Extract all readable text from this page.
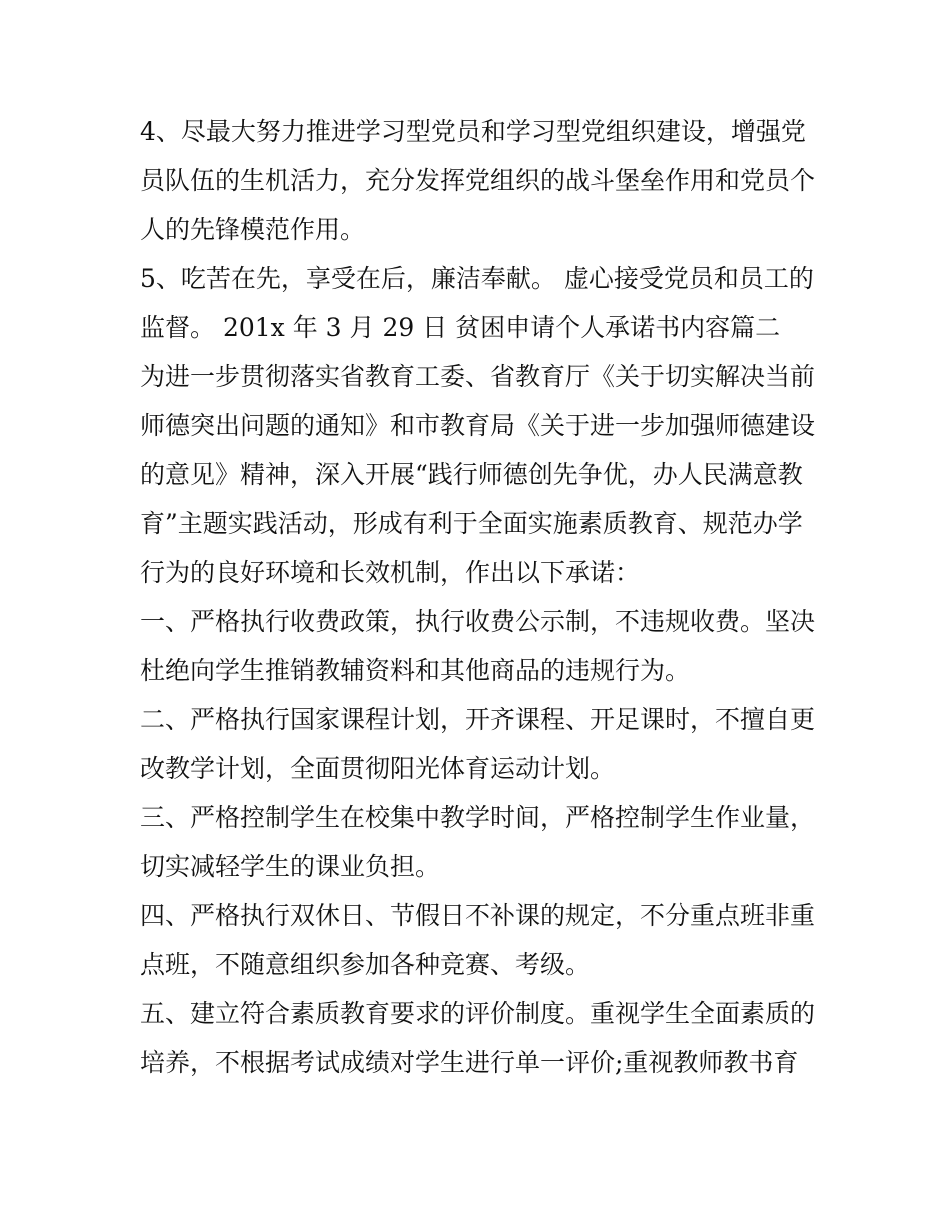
4、尽最大努力推进学习型党员和学习型党组织建设，增强党
员队伍的生机活力，充分发挥党组织的战斗堡垒作用和党员个
人的先锋模范作用。
5、吃苦在先，享受在后，廉洁奉献。 虚心接受党员和员工的
监督。 201x 年 3 月 29 日 贫困申请个人承诺书内容篇二
为进一步贯彻落实省教育工委、省教育厅《关于切实解决当前
师德突出问题的通知》和市教育局《关于进一步加强师德建设
的意见》精神，深入开展“践行师德创先争优，办人民满意教
育”主题实践活动，形成有利于全面实施素质教育、规范办学
行为的良好环境和长效机制，作出以下承诺：
一、严格执行收费政策，执行收费公示制，不违规收费。坚决
杜绝向学生推销教辅资料和其他商品的违规行为。
二、严格执行国家课程计划，开齐课程、开足课时，不擅自更
改教学计划，全面贯彻阳光体育运动计划。
三、严格控制学生在校集中教学时间，严格控制学生作业量，
切实减轻学生的课业负担。
四、严格执行双休日、节假日不补课的规定，不分重点班非重
点班，不随意组织参加各种竞赛、考级。
五、建立符合素质教育要求的评价制度。重视学生全面素质的
培养，不根据考试成绩对学生进行单一评价;重视教师教书育
